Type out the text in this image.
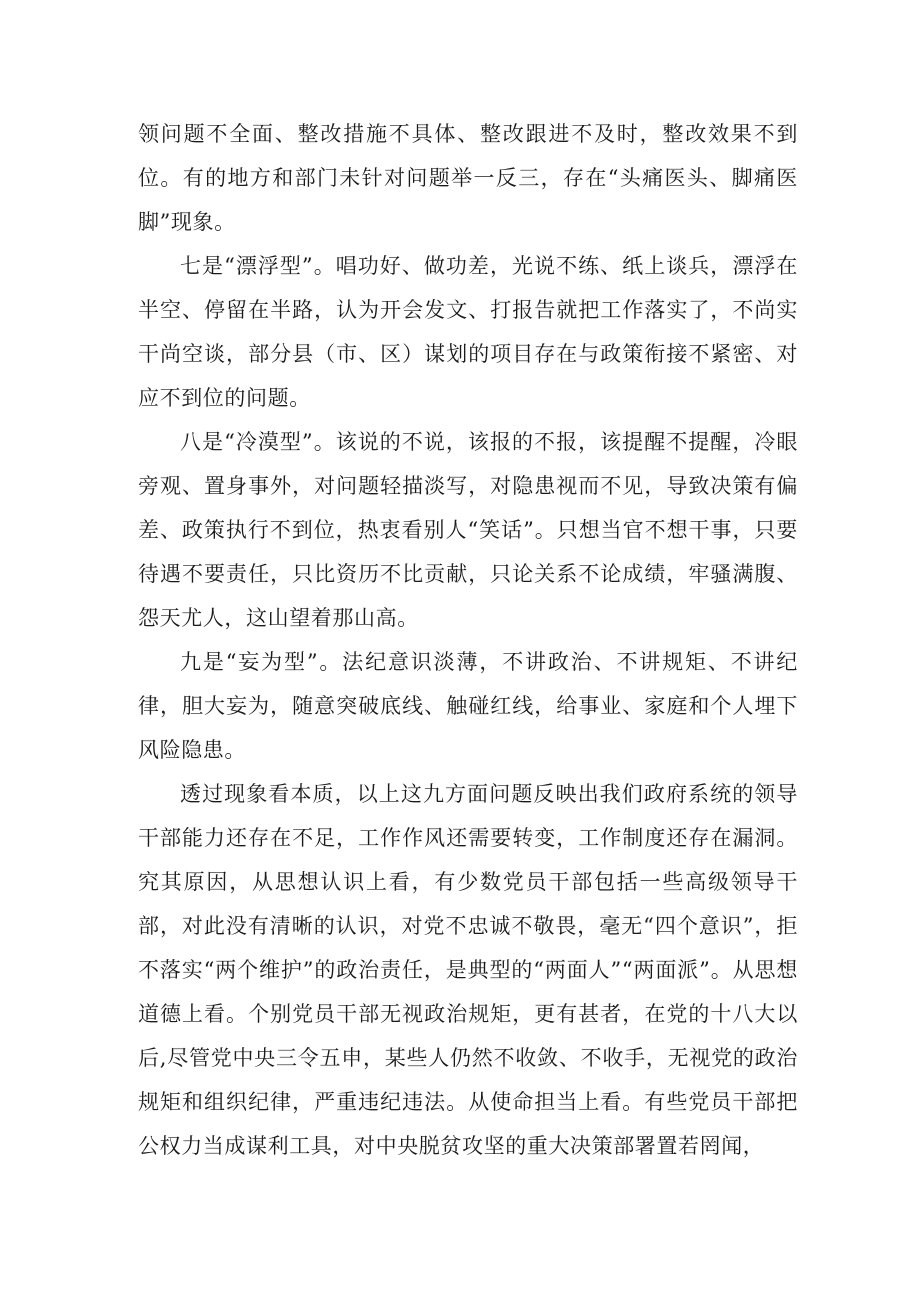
领问题不全面、整改措施不具体、整改跟进不及时，整改效果不到位。有的地方和部门未针对问题举一反三，存在“头痛医头、脚痛医脚”现象。

七是“漂浮型”。唱功好、做功差，光说不练、纸上谈兵，漂浮在半空、停留在半路，认为开会发文、打报告就把工作落实了，不尚实干尚空谈，部分县（市、区）谋划的项目存在与政策衔接不紧密、对应不到位的问题。

八是“冷漠型”。该说的不说，该报的不报，该提醒不提醒，冷眼旁观、置身事外，对问题轻描淡写，对隐患视而不见，导致决策有偏差、政策执行不到位，热衷看别人“笑话”。只想当官不想干事，只要待遇不要责任，只比资历不比贡献，只论关系不论成绩，牢骚满腹、怨天尤人，这山望着那山高。

九是“妄为型”。法纪意识淡薄，不讲政治、不讲规矩、不讲纪律，胆大妄为，随意突破底线、触碰红线，给事业、家庭和个人埋下风险隐患。

透过现象看本质，以上这九方面问题反映出我们政府系统的领导干部能力还存在不足，工作作风还需要转变，工作制度还存在漏洞。究其原因，从思想认识上看，有少数党员干部包括一些高级领导干部，对此没有清晰的认识，对党不忠诚不敬畏，毫无“四个意识”，拒不落实“两个维护”的政治责任，是典型的“两面人”“两面派”。从思想道德上看。个别党员干部无视政治规矩，更有甚者，在党的十八大以后,尽管党中央三令五申，某些人仍然不收敛、不收手，无视党的政治规矩和组织纪律，严重违纪违法。从使命担当上看。有些党员干部把公权力当成谋利工具，对中央脱贫攻坚的重大决策部署置若罔闻，
